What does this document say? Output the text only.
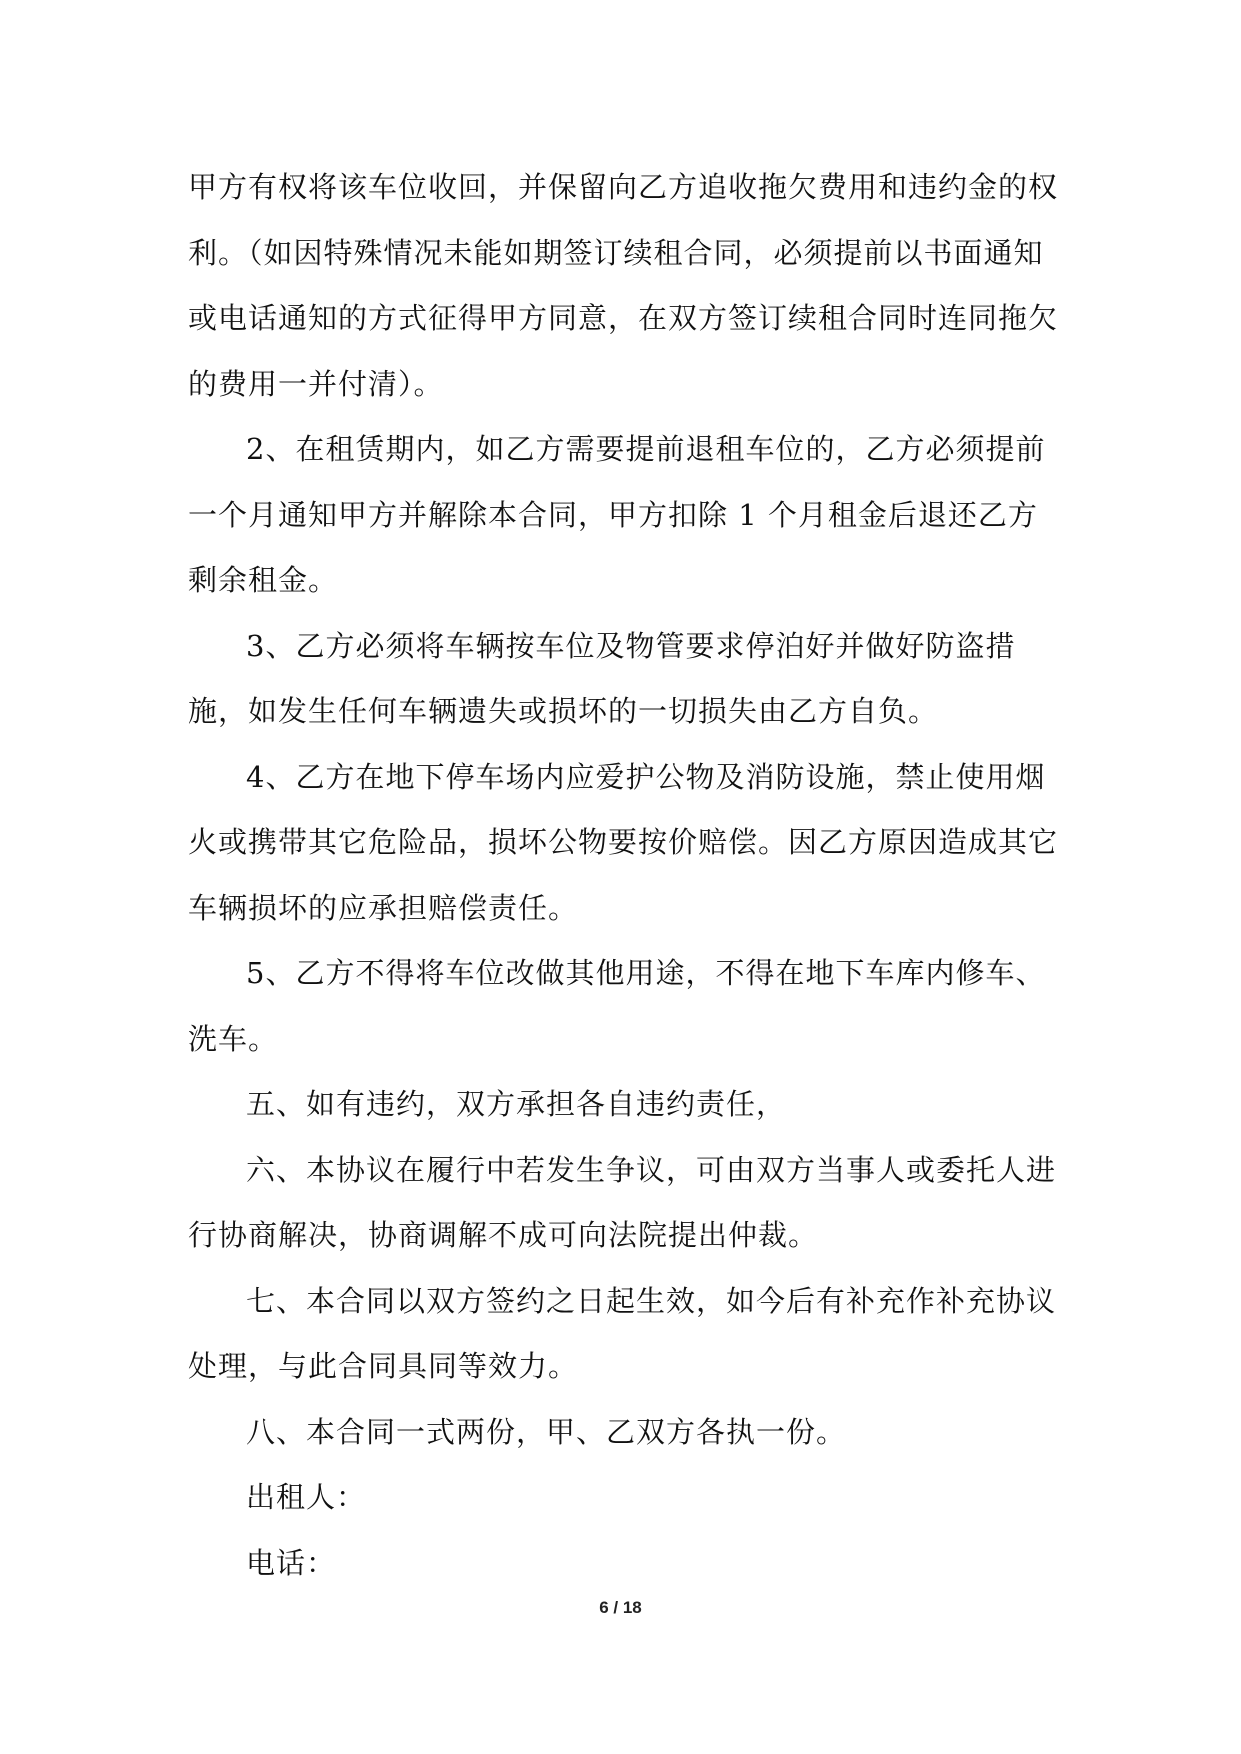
甲方有权将该车位收回，并保留向乙方追收拖欠费用和违约金的权利。（如因特殊情况未能如期签订续租合同，必须提前以书面通知或电话通知的方式征得甲方同意，在双方签订续租合同时连同拖欠的费用一并付清）。

2、在租赁期内，如乙方需要提前退租车位的，乙方必须提前一个月通知甲方并解除本合同，甲方扣除 1 个月租金后退还乙方剩余租金。

3、乙方必须将车辆按车位及物管要求停泊好并做好防盗措施，如发生任何车辆遗失或损坏的一切损失由乙方自负。

4、乙方在地下停车场内应爱护公物及消防设施，禁止使用烟火或携带其它危险品，损坏公物要按价赔偿。因乙方原因造成其它车辆损坏的应承担赔偿责任。

5、乙方不得将车位改做其他用途，不得在地下车库内修车、洗车。

五、如有违约，双方承担各自违约责任，

六、本协议在履行中若发生争议，可由双方当事人或委托人进行协商解决，协商调解不成可向法院提出仲裁。

七、本合同以双方签约之日起生效，如今后有补充作补充协议处理，与此合同具同等效力。

八、本合同一式两份，甲、乙双方各执一份。

出租人：

电话：

6 / 18
